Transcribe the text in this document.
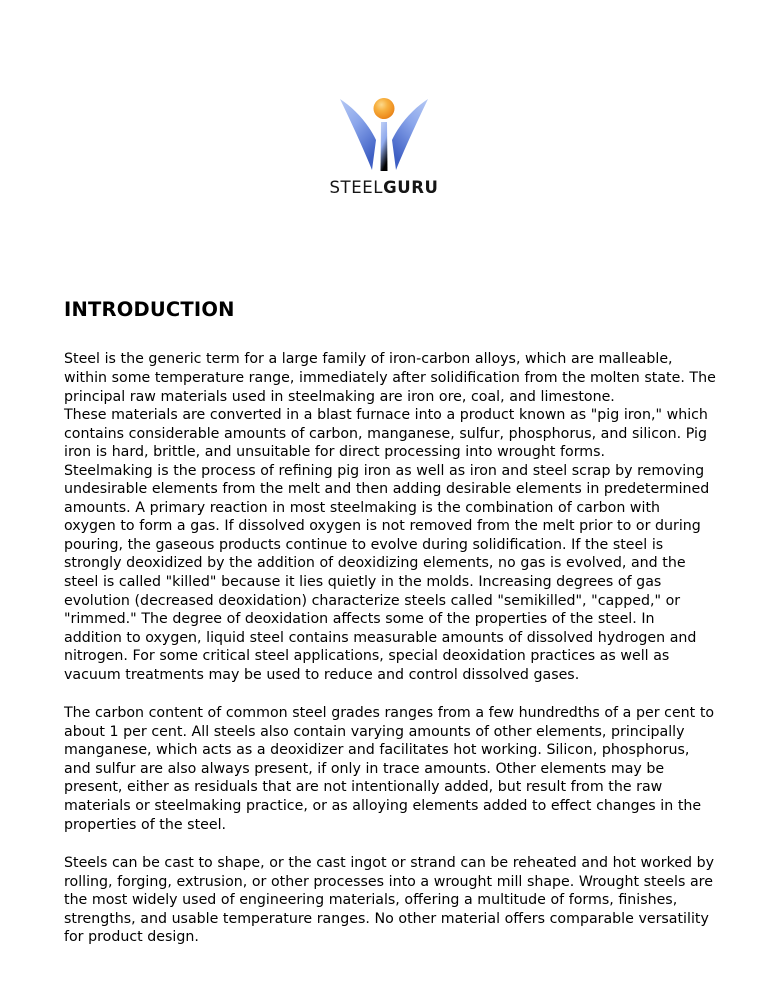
STEELGURU
INTRODUCTION

Steel is the generic term for a large family of iron-carbon alloys, which are malleable, within some temperature range, immediately after solidification from the molten state. The principal raw materials used in steelmaking are iron ore, coal, and limestone.

These materials are converted in a blast furnace into a product known as "pig iron," which contains considerable amounts of carbon, manganese, sulfur, phosphorus, and silicon. Pig iron is hard, brittle, and unsuitable for direct processing into wrought forms.

Steelmaking is the process of refining pig iron as well as iron and steel scrap by removing undesirable elements from the melt and then adding desirable elements in predetermined amounts. A primary reaction in most steelmaking is the combination of carbon with oxygen to form a gas. If dissolved oxygen is not removed from the melt prior to or during pouring, the gaseous products continue to evolve during solidification. If the steel is strongly deoxidized by the addition of deoxidizing elements, no gas is evolved, and the steel is called "killed" because it lies quietly in the molds. Increasing degrees of gas evolution (decreased deoxidation) characterize steels called "semikilled", "capped," or "rimmed." The degree of deoxidation affects some of the properties of the steel. In addition to oxygen, liquid steel contains measurable amounts of dissolved hydrogen and nitrogen. For some critical steel applications, special deoxidation practices as well as vacuum treatments may be used to reduce and control dissolved gases.

The carbon content of common steel grades ranges from a few hundredths of a per cent to about 1 per cent. All steels also contain varying amounts of other elements, principally manganese, which acts as a deoxidizer and facilitates hot working. Silicon, phosphorus, and sulfur are also always present, if only in trace amounts. Other elements may be present, either as residuals that are not intentionally added, but result from the raw materials or steelmaking practice, or as alloying elements added to effect changes in the properties of the steel.

Steels can be cast to shape, or the cast ingot or strand can be reheated and hot worked by rolling, forging, extrusion, or other processes into a wrought mill shape. Wrought steels are the most widely used of engineering materials, offering a multitude of forms, finishes, strengths, and usable temperature ranges. No other material offers comparable versatility for product design.
